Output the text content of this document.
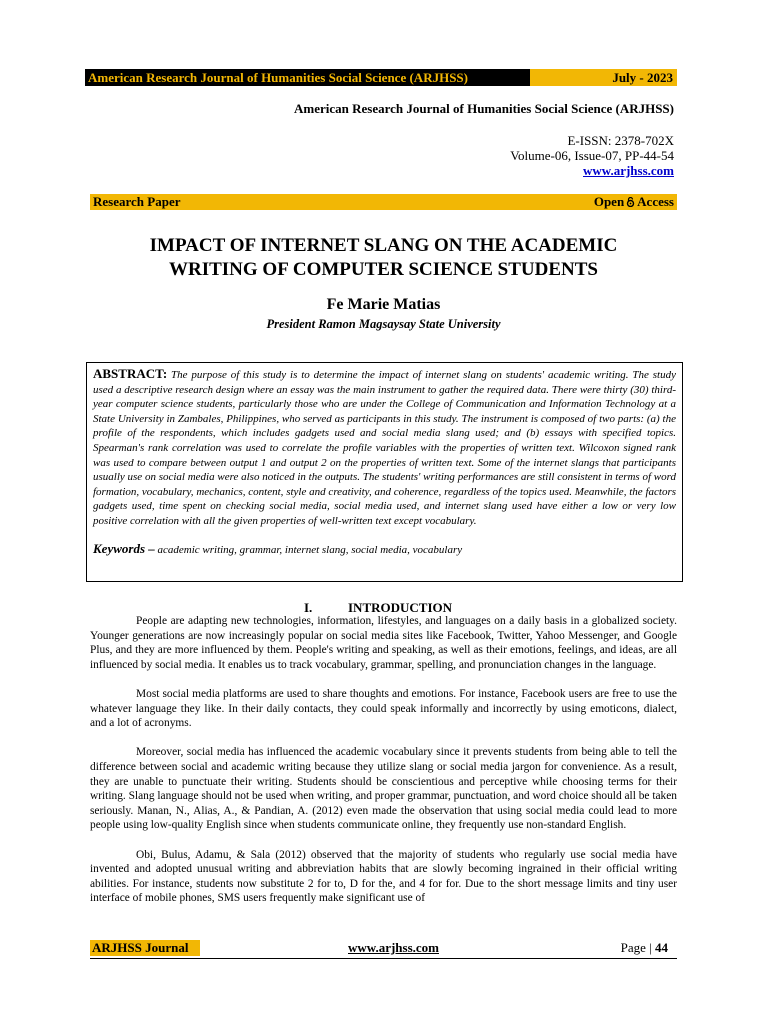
American Research Journal of Humanities Social Science (ARJHSS)	July - 2023
American Research Journal of Humanities Social Science (ARJHSS)
E-ISSN: 2378-702X
Volume-06, Issue-07, PP-44-54
www.arjhss.com
Research Paper	Open Access
IMPACT OF INTERNET SLANG ON THE ACADEMIC
WRITING OF COMPUTER SCIENCE STUDENTS
Fe Marie Matias
President Ramon Magsaysay State University

ABSTRACT: The purpose of this study is to determine the impact of internet slang on students' academic writing. The study used a descriptive research design where an essay was the main instrument to gather the required data. There were thirty (30) third-year computer science students, particularly those who are under the College of Communication and Information Technology at a State University in Zambales, Philippines, who served as participants in this study. The instrument is composed of two parts: (a) the profile of the respondents, which includes gadgets used and social media slang used; and (b) essays with specified topics. Spearman's rank correlation was used to correlate the profile variables with the properties of written text. Wilcoxon signed rank was used to compare between output 1 and output 2 on the properties of written text. Some of the internet slangs that participants usually use on social media were also noticed in the outputs. The students' writing performances are still consistent in terms of word formation, vocabulary, mechanics, content, style and creativity, and coherence, regardless of the topics used. Meanwhile, the factors gadgets used, time spent on checking social media, social media used, and internet slang used have either a low or very low positive correlation with all the given properties of well-written text except vocabulary.

Keywords – academic writing, grammar, internet slang, social media, vocabulary
I.	INTRODUCTION

People are adapting new technologies, information, lifestyles, and languages on a daily basis in a globalized society. Younger generations are now increasingly popular on social media sites like Facebook, Twitter, Yahoo Messenger, and Google Plus, and they are more influenced by them. People's writing and speaking, as well as their emotions, feelings, and ideas, are all influenced by social media. It enables us to track vocabulary, grammar, spelling, and pronunciation changes in the language.

Most social media platforms are used to share thoughts and emotions. For instance, Facebook users are free to use the whatever language they like. In their daily contacts, they could speak informally and incorrectly by using emoticons, dialect, and a lot of acronyms.

Moreover, social media has influenced the academic vocabulary since it prevents students from being able to tell the difference between social and academic writing because they utilize slang or social media jargon for convenience. As a result, they are unable to punctuate their writing. Students should be conscientious and perceptive while choosing terms for their writing. Slang language should not be used when writing, and proper grammar, punctuation, and word choice should all be taken seriously. Manan, N., Alias, A., & Pandian, A. (2012) even made the observation that using social media could lead to more people using low-quality English since when students communicate online, they frequently use non-standard English.

Obi, Bulus, Adamu, & Sala (2012) observed that the majority of students who regularly use social media have invented and adopted unusual writing and abbreviation habits that are slowly becoming ingrained in their official writing abilities. For instance, students now substitute 2 for to, D for the, and 4 for for. Due to the short message limits and tiny user interface of mobile phones, SMS users frequently make significant use of

ARJHSS Journal	www.arjhss.com	Page | 44
